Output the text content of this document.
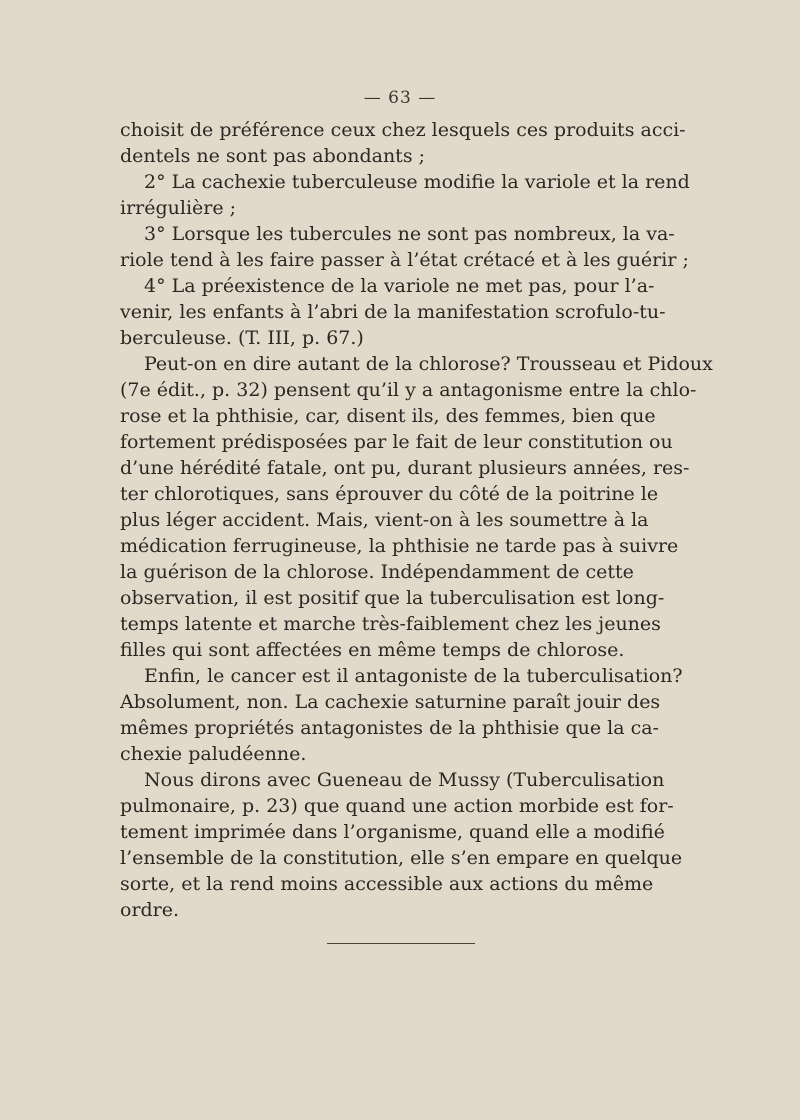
— 63 —
choisit de préférence ceux chez lesquels ces produits acci-
dentels ne sont pas abondants ;
2° La cachexie tuberculeuse modifie la variole et la rend
irrégulière ;
3° Lorsque les tubercules ne sont pas nombreux, la va-
riole tend à les faire passer à l’état crétacé et à les guérir ;
4° La préexistence de la variole ne met pas, pour l’a-
venir, les enfants à l’abri de la manifestation scrofulo-tu-
berculeuse. (T. III, p. 67.)
Peut-on en dire autant de la chlorose? Trousseau et Pidoux
(7e édit., p. 32) pensent qu’il y a antagonisme entre la chlo-
rose et la phthisie, car, disent ils, des femmes, bien que
fortement prédisposées par le fait de leur constitution ou
d’une hérédité fatale, ont pu, durant plusieurs années, res-
ter chlorotiques, sans éprouver du côté de la poitrine le
plus léger accident. Mais, vient-on à les soumettre à la
médication ferrugineuse, la phthisie ne tarde pas à suivre
la guérison de la chlorose. Indépendamment de cette
observation, il est positif que la tuberculisation est long-
temps latente et marche très-faiblement chez les jeunes
filles qui sont affectées en même temps de chlorose.
Enfin, le cancer est il antagoniste de la tuberculisation?
Absolument, non. La cachexie saturnine paraît jouir des
mêmes propriétés antagonistes de la phthisie que la ca-
chexie paludéenne.
Nous dirons avec Gueneau de Mussy (Tuberculisation
pulmonaire, p. 23) que quand une action morbide est for-
tement imprimée dans l’organisme, quand elle a modifié
l’ensemble de la constitution, elle s’en empare en quelque
sorte, et la rend moins accessible aux actions du même
ordre.
